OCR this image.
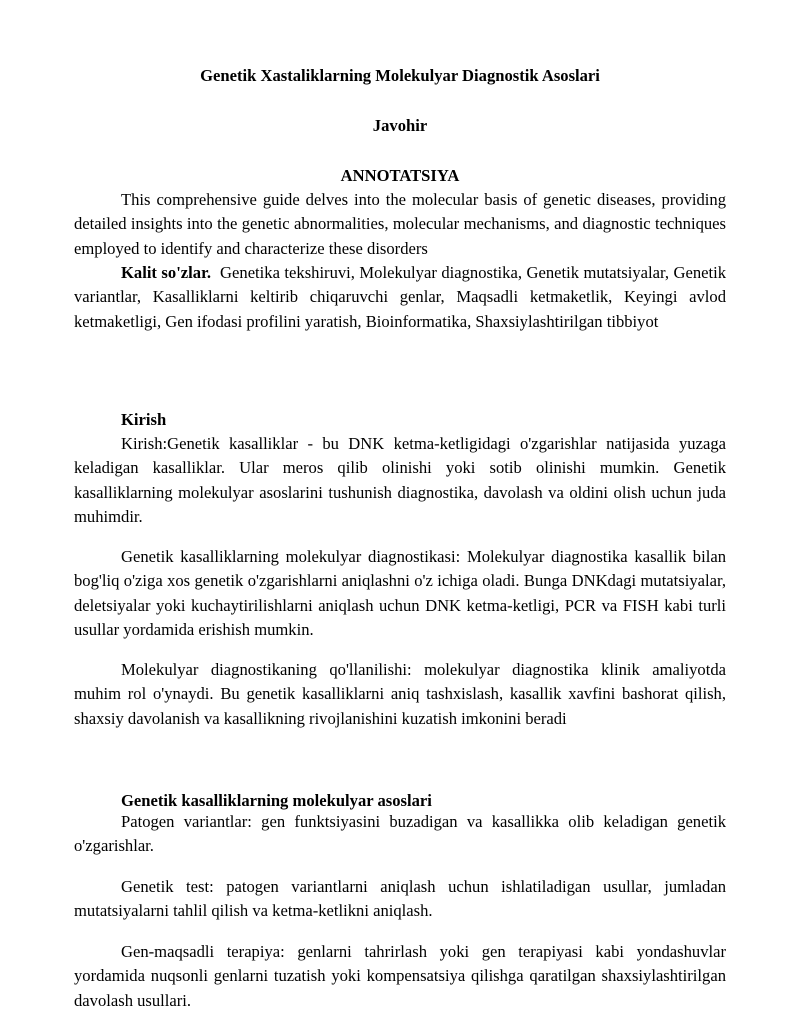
Genetik Xastaliklarning Molekulyar Diagnostik Asoslari

Javohir

ANNOTATSIYA

This comprehensive guide delves into the molecular basis of genetic diseases, providing detailed insights into the genetic abnormalities, molecular mechanisms, and diagnostic techniques employed to identify and characterize these disorders

Kalit so'zlar. Genetika tekshiruvi, Molekulyar diagnostika, Genetik mutatsiyalar, Genetik variantlar, Kasalliklarni keltirib chiqaruvchi genlar, Maqsadli ketmaketlik, Keyingi avlod ketmaketligi, Gen ifodasi profilini yaratish, Bioinformatika, Shaxsiylashtirilgan tibbiyot

Kirish

Kirish:Genetik kasalliklar - bu DNK ketma-ketligidagi o'zgarishlar natijasida yuzaga keladigan kasalliklar. Ular meros qilib olinishi yoki sotib olinishi mumkin. Genetik kasalliklarning molekulyar asoslarini tushunish diagnostika, davolash va oldini olish uchun juda muhimdir.

Genetik kasalliklarning molekulyar diagnostikasi: Molekulyar diagnostika kasallik bilan bog'liq o'ziga xos genetik o'zgarishlarni aniqlashni o'z ichiga oladi. Bunga DNKdagi mutatsiyalar, deletsiyalar yoki kuchaytirilishlarni aniqlash uchun DNK ketma-ketligi, PCR va FISH kabi turli usullar yordamida erishish mumkin.

Molekulyar diagnostikaning qo'llanilishi: molekulyar diagnostika klinik amaliyotda muhim rol o'ynaydi. Bu genetik kasalliklarni aniq tashxislash, kasallik xavfini bashorat qilish, shaxsiy davolanish va kasallikning rivojlanishini kuzatish imkonini beradi

Genetik kasalliklarning molekulyar asoslari

Patogen variantlar: gen funktsiyasini buzadigan va kasallikka olib keladigan genetik o'zgarishlar.

Genetik test: patogen variantlarni aniqlash uchun ishlatiladigan usullar, jumladan mutatsiyalarni tahlil qilish va ketma-ketlikni aniqlash.

Gen-maqsadli terapiya: genlarni tahrirlash yoki gen terapiyasi kabi yondashuvlar yordamida nuqsonli genlarni tuzatish yoki kompensatsiya qilishga qaratilgan shaxsiylashtirilgan davolash usullari.
